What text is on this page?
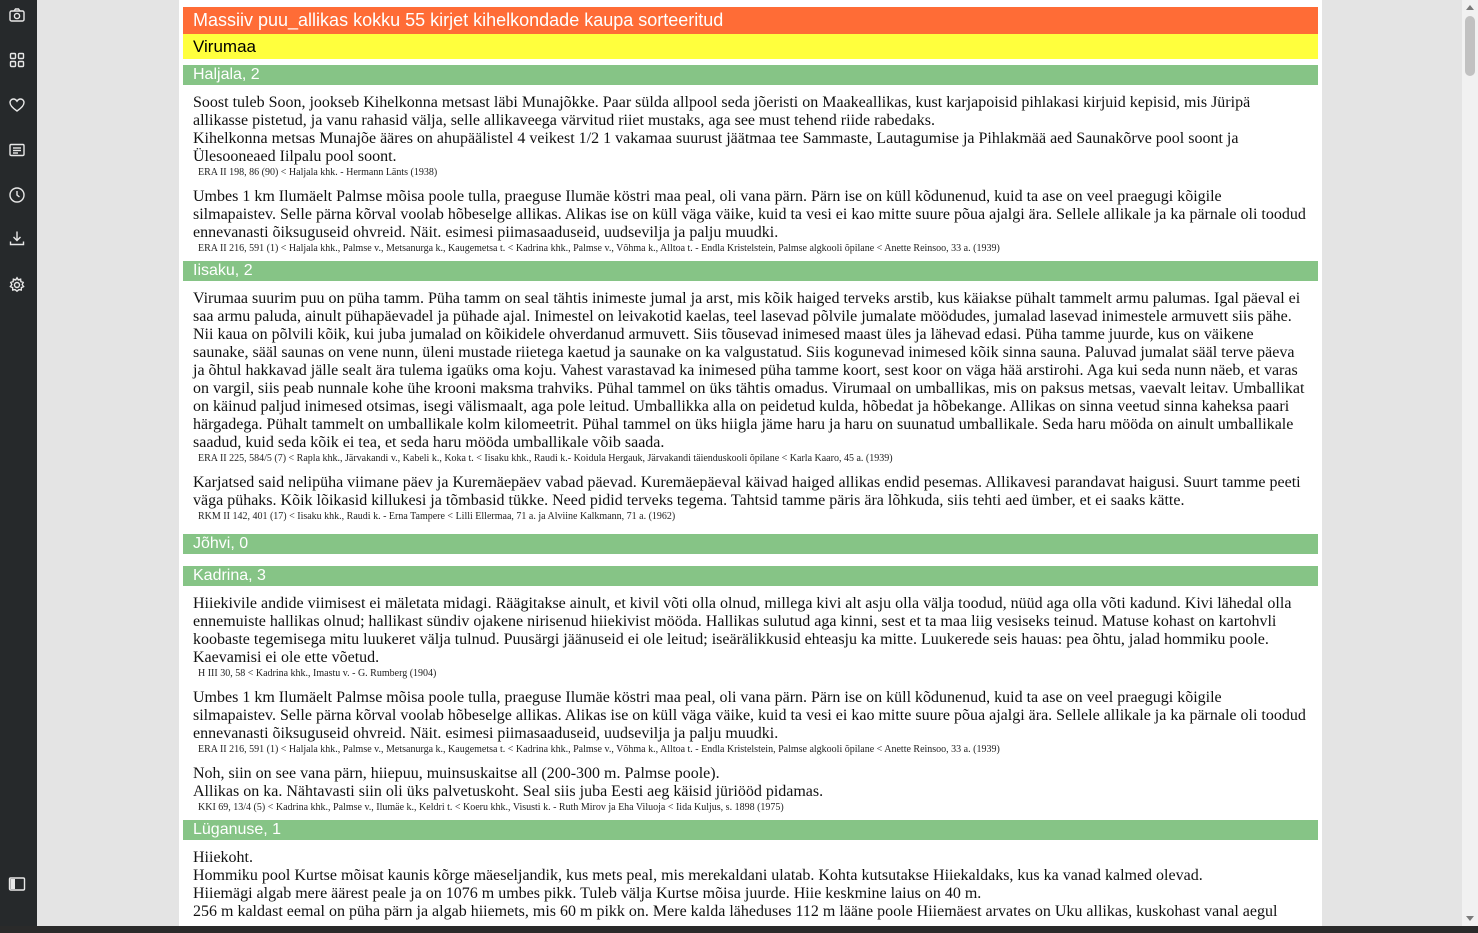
Massiiv puu_allikas kokku 55 kirjet kihelkondade kaupa sorteeritud
Virumaa
Haljala, 2

Soost tuleb Soon, jookseb Kihelkonna metsast läbi Munajõkke. Paar sülda allpool seda jõeristi on Maakeallikas, kust karjapoisid pihlakasi kirjuid kepisid, mis Jüripä allikasse pistetud, ja vanu rahasid välja, selle allikaveega värvitud riiet mustaks, aga see must tehend riide rabedaks.
Kihelkonna metsas Munajõe ääres on ahupäälistel 4 veikest 1/2 1 vakamaa suurust jäätmaa tee Sammaste, Lautagumise ja Pihlakmää aed Saunakõrve pool soont ja Ülesooneaed Iilpalu pool soont.

ERA II 198, 86 (90) < Haljala khk. - Hermann Länts (1938)

Umbes 1 km Ilumäelt Palmse mõisa poole tulla, praeguse Ilumäe köstri maa peal, oli vana pärn. Pärn ise on küll kõdunenud, kuid ta ase on veel praegugi kõigile silmapaistev. Selle pärna kõrval voolab hõbeselge allikas. Alikas ise on küll väga väike, kuid ta vesi ei kao mitte suure põua ajalgi ära. Sellele allikale ja ka pärnale oli toodud ennevanasti õiksuguseid ohvreid. Näit. esimesi piimasaaduseid, uudsevilja ja palju muudki.

ERA II 216, 591 (1) < Haljala khk., Palmse v., Metsanurga k., Kaugemetsa t. < Kadrina khk., Palmse v., Võhma k., Alltoa t. - Endla Kristelstein, Palmse algkooli õpilane < Anette Reinsoo, 33 a. (1939)
Iisaku, 2

Virumaa suurim puu on püha tamm. Püha tamm on seal tähtis inimeste jumal ja arst, mis kõik haiged terveks arstib, kus käiakse pühalt tammelt armu palumas. Igal päeval ei saa armu paluda, ainult pühapäevadel ja pühade ajal. Inimestel on leivakotid kaelas, teel lasevad põlvile jumalate möödudes, jumalad lasevad inimestele armuvett siis pähe. Nii kaua on põlvili kõik, kui juba jumalad on kõikidele ohverdanud armuvett. Siis tõusevad inimesed maast üles ja lähevad edasi. Püha tamme juurde, kus on väikene saunake, sääl saunas on vene nunn, üleni mustade riietega kaetud ja saunake on ka valgustatud. Siis kogunevad inimesed kõik sinna sauna. Paluvad jumalat sääl terve päeva ja õhtul hakkavad jälle sealt ära tulema igaüks oma koju. Vahest varastavad ka inimesed püha tamme koort, sest koor on väga hää arstirohi. Aga kui seda nunn näeb, et varas on vargil, siis peab nunnale kohe ühe krooni maksma trahviks. Pühal tammel on üks tähtis omadus. Virumaal on umballikas, mis on paksus metsas, vaevalt leitav. Umballikat on käinud paljud inimesed otsimas, isegi välismaalt, aga pole leitud. Umballikka alla on peidetud kulda, hõbedat ja hõbekange. Allikas on sinna veetud sinna kaheksa paari härgadega. Pühalt tammelt on umballikale kolm kilomeetrit. Pühal tammel on üks hiigla jäme haru ja haru on suunatud umballikale. Seda haru mööda on ainult umballikale saadud, kuid seda kõik ei tea, et seda haru mööda umballikale võib saada.

ERA II 225, 584/5 (7) < Rapla khk., Järvakandi v., Kabeli k., Koka t. < Iisaku khk., Raudi k.- Koidula Hergauk, Järvakandi täienduskooli õpilane < Karla Kaaro, 45 a. (1939)

Karjatsed said nelipüha viimane päev ja Kuremäepäev vabad päevad. Kuremäepäeval käivad haiged allikas endid pesemas. Allikavesi parandavat haigusi. Suurt tamme peeti väga pühaks. Kõik lõikasid killukesi ja tõmbasid tükke. Need pidid terveks tegema. Tahtsid tamme päris ära lõhkuda, siis tehti aed ümber, et ei saaks kätte.

RKM II 142, 401 (17) < Iisaku khk., Raudi k. - Erna Tampere < Lilli Ellermaa, 71 a. ja Alviine Kalkmann, 71 a. (1962)
Jõhvi, 0
Kadrina, 3

Hiiekivile andide viimisest ei mäletata midagi. Räägitakse ainult, et kivil võti olla olnud, millega kivi alt asju olla välja toodud, nüüd aga olla võti kadund. Kivi lähedal olla ennemuiste hallikas olnud; hallikast sündiv ojakene nirisenud hiiekivist mööda. Hallikas sulutud aga kinni, sest et ta maa liig vesiseks teinud. Matuse kohast on kartohvli koobaste tegemisega mitu luukeret välja tulnud. Puusärgi jäänuseid ei ole leitud; iseärälikkusid ehteasju ka mitte. Luukerede seis hauas: pea õhtu, jalad hommiku poole. Kaevamisi ei ole ette võetud.

H III 30, 58 < Kadrina khk., Imastu v. - G. Rumberg (1904)

Umbes 1 km Ilumäelt Palmse mõisa poole tulla, praeguse Ilumäe köstri maa peal, oli vana pärn. Pärn ise on küll kõdunenud, kuid ta ase on veel praegugi kõigile silmapaistev. Selle pärna kõrval voolab hõbeselge allikas. Alikas ise on küll väga väike, kuid ta vesi ei kao mitte suure põua ajalgi ära. Sellele allikale ja ka pärnale oli toodud ennevanasti õiksuguseid ohvreid. Näit. esimesi piimasaaduseid, uudsevilja ja palju muudki.

ERA II 216, 591 (1) < Haljala khk., Palmse v., Metsanurga k., Kaugemetsa t. < Kadrina khk., Palmse v., Võhma k., Alltoa t. - Endla Kristelstein, Palmse algkooli õpilane < Anette Reinsoo, 33 a. (1939)

Noh, siin on see vana pärn, hiiepuu, muinsuskaitse all (200-300 m. Palmse poole).
Allikas on ka. Nähtavasti siin oli üks palvetuskoht. Seal siis juba Eesti aeg käisid jüriööd pidamas.

KKI 69, 13/4 (5) < Kadrina khk., Palmse v., Ilumäe k., Keldri t. < Koeru khk., Visusti k. - Ruth Mirov ja Eha Viluoja < Iida Kuljus, s. 1898 (1975)
Lüganuse, 1

Hiiekoht.
Hommiku pool Kurtse mõisat kaunis kõrge mäeseljandik, kus mets peal, mis merekaldani ulatab. Kohta kutsutakse Hiiekaldaks, kus ka vanad kalmed olevad.
Hiiemägi algab mere äärest peale ja on 1076 m umbes pikk. Tuleb välja Kurtse mõisa juurde. Hiie keskmine laius on 40 m.
256 m kaldast eemal on püha pärn ja algab hiiemets, mis 60 m pikk on. Mere kalda läheduses 112 m lääne poole Hiiemäest arvates on Uku allikas, kuskohast vanal aegul
